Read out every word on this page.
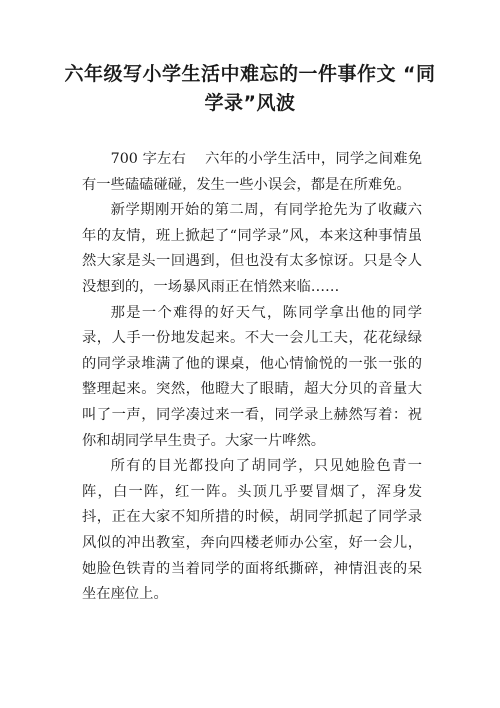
六年级写小学生活中难忘的一件事作文 “同学录”风波

700 字左右　 六年的小学生活中，同学之间难免有一些磕磕碰碰，发生一些小误会，都是在所难免。

新学期刚开始的第二周，有同学抢先为了收藏六年的友情，班上掀起了“同学录”风，本来这种事情虽然大家是头一回遇到，但也没有太多惊讶。只是令人没想到的，一场暴风雨正在悄然来临……

那是一个难得的好天气，陈同学拿出他的同学录，人手一份地发起来。不大一会儿工夫，花花绿绿的同学录堆满了他的课桌，他心情愉悦的一张一张的整理起来。突然，他瞪大了眼睛，超大分贝的音量大叫了一声，同学凑过来一看，同学录上赫然写着：祝你和胡同学早生贵子。大家一片哗然。

所有的目光都投向了胡同学，只见她脸色青一阵，白一阵，红一阵。头顶几乎要冒烟了，浑身发抖，正在大家不知所措的时候，胡同学抓起了同学录风似的冲出教室，奔向四楼老师办公室，好一会儿，她脸色铁青的当着同学的面将纸撕碎，神情沮丧的呆坐在座位上。
